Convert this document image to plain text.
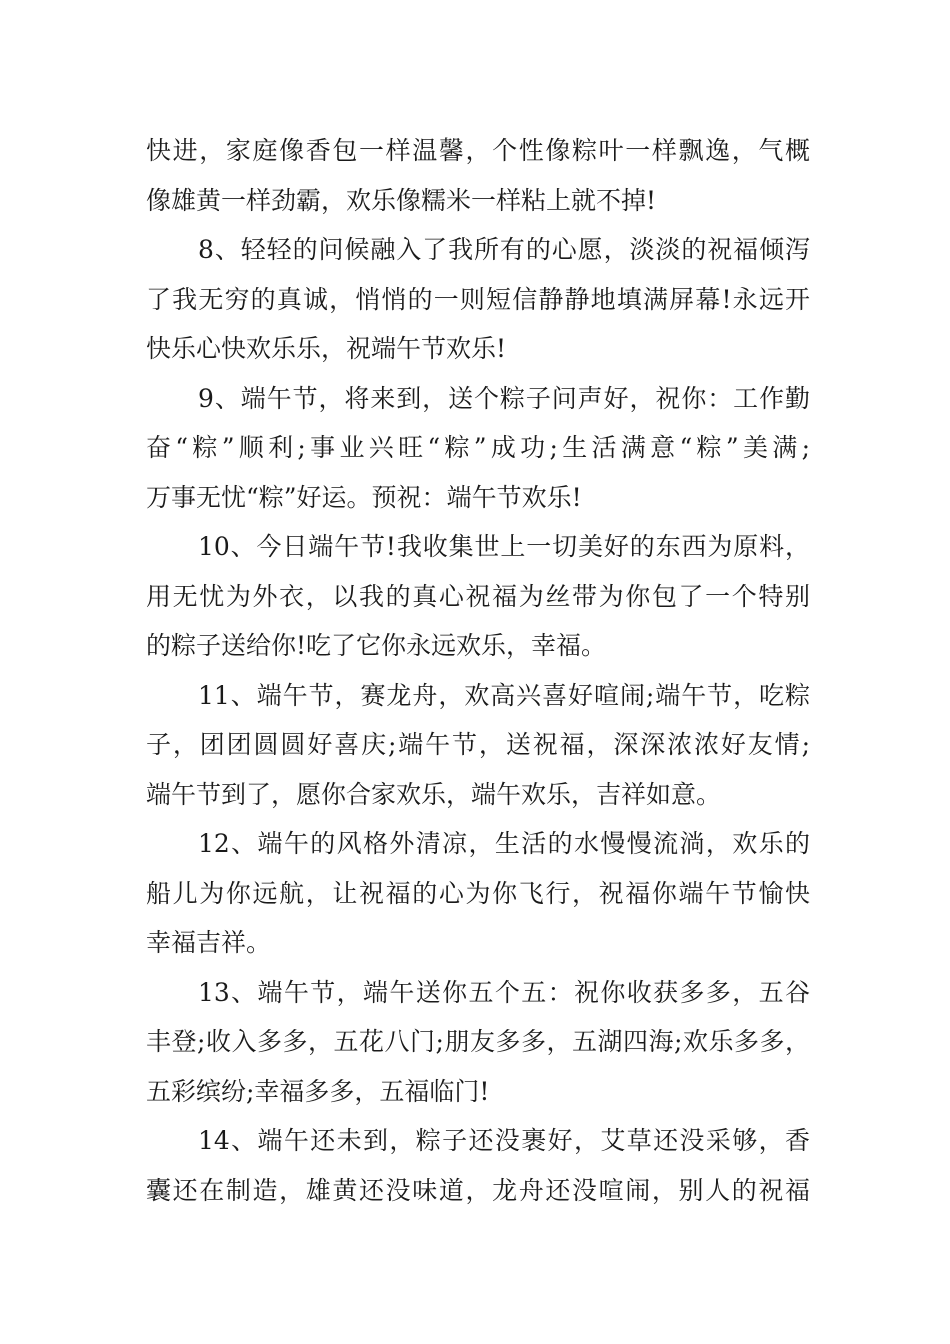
快进，家庭像香包一样温馨，个性像粽叶一样飘逸，气概
像雄黄一样劲霸，欢乐像糯米一样粘上就不掉!

8、轻轻的问候融入了我所有的心愿，淡淡的祝福倾泻
了我无穷的真诚，悄悄的一则短信静静地填满屏幕!永远开
快乐心快欢乐乐，祝端午节欢乐!

9、端午节，将来到，送个粽子问声好，祝你：工作勤
奋“粽”顺利;事业兴旺“粽”成功;生活满意“粽”美满;
万事无忧“粽”好运。预祝：端午节欢乐!

10、今日端午节!我收集世上一切美好的东西为原料，
用无忧为外衣，以我的真心祝福为丝带为你包了一个特别
的粽子送给你!吃了它你永远欢乐，幸福。

11、端午节，赛龙舟，欢高兴喜好喧闹;端午节，吃粽
子，团团圆圆好喜庆;端午节，送祝福，深深浓浓好友情;
端午节到了，愿你合家欢乐，端午欢乐，吉祥如意。

12、端午的风格外清凉，生活的水慢慢流淌，欢乐的
船儿为你远航，让祝福的心为你飞行，祝福你端午节愉快
幸福吉祥。

13、端午节，端午送你五个五：祝你收获多多，五谷
丰登;收入多多，五花八门;朋友多多，五湖四海;欢乐多多，
五彩缤纷;幸福多多，五福临门!

14、端午还未到，粽子还没裹好，艾草还没采够，香
囊还在制造，雄黄还没味道，龙舟还没喧闹，别人的祝福
